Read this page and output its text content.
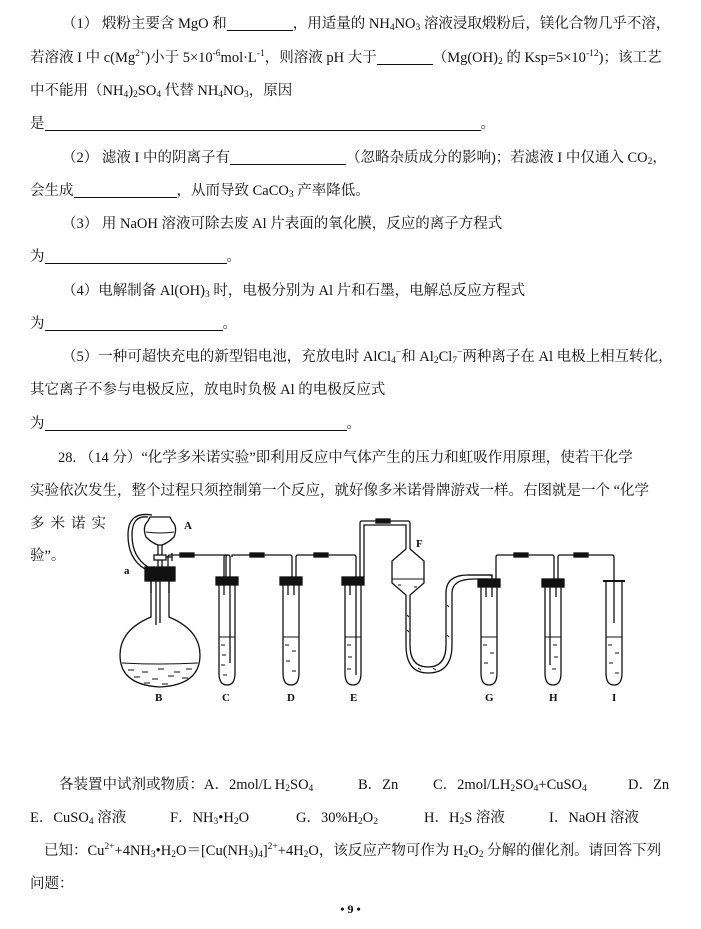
（1） 煅粉主要含 MgO 和	，用适量的 $NH_4NO_3$ 溶液浸取煅粉后，镁化合物几乎不溶，
若溶液 I 中 $c(Mg^{2+})$小于 $5\times 10^{-6}mol\cdot L^{-1}$，则溶液 pH 大于	（$Mg(OH)_2$ 的 $Ksp=5\times 10^{-12}$)；该工艺
中不能用$(NH_4)_2SO_4$ 代替 $NH_4NO_3$，原因
是	。
（2） 滤液 I 中的阴离子有	（忽略杂质成分的影响)；若滤液 I 中仅通入 $CO_2$，
会生成	，从而导致 CaCO$_3$ 产率降低。
（3） 用 NaOH 溶液可除去废 Al 片表面的氧化膜，反应的离子方程式
为	。
（4）电解制备 $Al(OH)_3$ 时，电极分别为 Al 片和石墨，电解总反应方程式
为	。
（5）一种可超快充电的新型铝电池，充放电时 AlCl$_4$−和 $Al_2Cl_7^-$两种离子在 Al 电极上相互转化，
其它离子不参与电极反应，放电时负极 Al 的电极反应式
为	。
28. （14 分）“化学多米诺实验”即利用反应中气体产生的压力和虹吸作用原理，使若干化学
实验依次发生，整个过程只须控制第一个反应，就好像多米诺骨牌游戏一样。右图就是一个 “化学
多米诺实
验”。
A
a
B	C	D	E
F
G	H	I
各装置中试剂或物质：A．2mol/L $H_2SO_4$	B．Zn C．$2mol/LH_2SO_4+CuSO_4$	D．Zn
E．CuSO$_4$ 溶液	F．$NH_3•H_2O$	G．$30\%H_2O_2$	H．$H_2S$ 溶液	I．NaOH 溶液
已知：$Cu^{2+}+4NH_3•H_2O=[Cu(NH_3)_4]^{2+}+4H_2O$，该反应产物可作为 $H_2O_2$ 分解的催化剂。请回答下列
问题：
• 9 •
